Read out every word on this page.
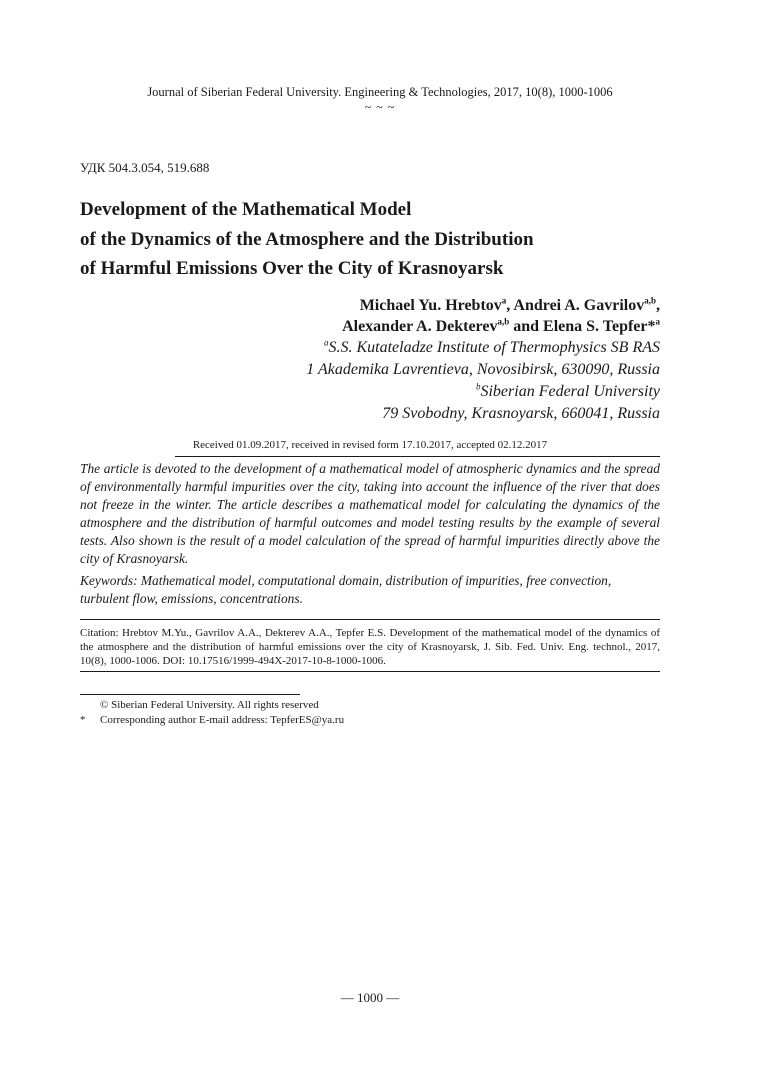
Journal of Siberian Federal University. Engineering & Technologies, 2017, 10(8), 1000-1006
~ ~ ~
УДК 504.3.054, 519.688
Development of the Mathematical Model
of the Dynamics of the Atmosphere and the Distribution
of Harmful Emissions Over the City of Krasnoyarsk
Michael Yu. Hrebtov$^a$, Andrei A. Gavrilov$^{a,b}$,
Alexander A. Dekterev$^{a,b}$ and Elena S. Tepfer*$^a$
$^a$S.S. Kutateladze Institute of Thermophysics SB RAS
1 Akademika Lavrentieva, Novosibirsk, 630090, Russia
$^b$Siberian Federal University
79 Svobodny, Krasnoyarsk, 660041, Russia
Received 01.09.2017, received in revised form 17.10.2017, accepted 02.12.2017
The article is devoted to the development of a mathematical model of atmospheric dynamics and the spread of environmentally harmful impurities over the city, taking into account the influence of the river that does not freeze in the winter. The article describes a mathematical model for calculating the dynamics of the atmosphere and the distribution of harmful outcomes and model testing results by the example of several tests. Also shown is the result of a model calculation of the spread of harmful impurities directly above the city of Krasnoyarsk.
Keywords: Mathematical model, computational domain, distribution of impurities, free convection, turbulent flow, emissions, concentrations.
Citation: Hrebtov M.Yu., Gavrilov A.A., Dekterev A.A., Tepfer E.S. Development of the mathematical model of the dynamics of the atmosphere and the distribution of harmful emissions over the city of Krasnoyarsk, J. Sib. Fed. Univ. Eng. technol., 2017, 10(8), 1000-1006. DOI: 10.17516/1999-494X-2017-10-8-1000-1006.
© Siberian Federal University. All rights reserved
*	Corresponding author E-mail address: TepferES@ya.ru
— 1000 —
